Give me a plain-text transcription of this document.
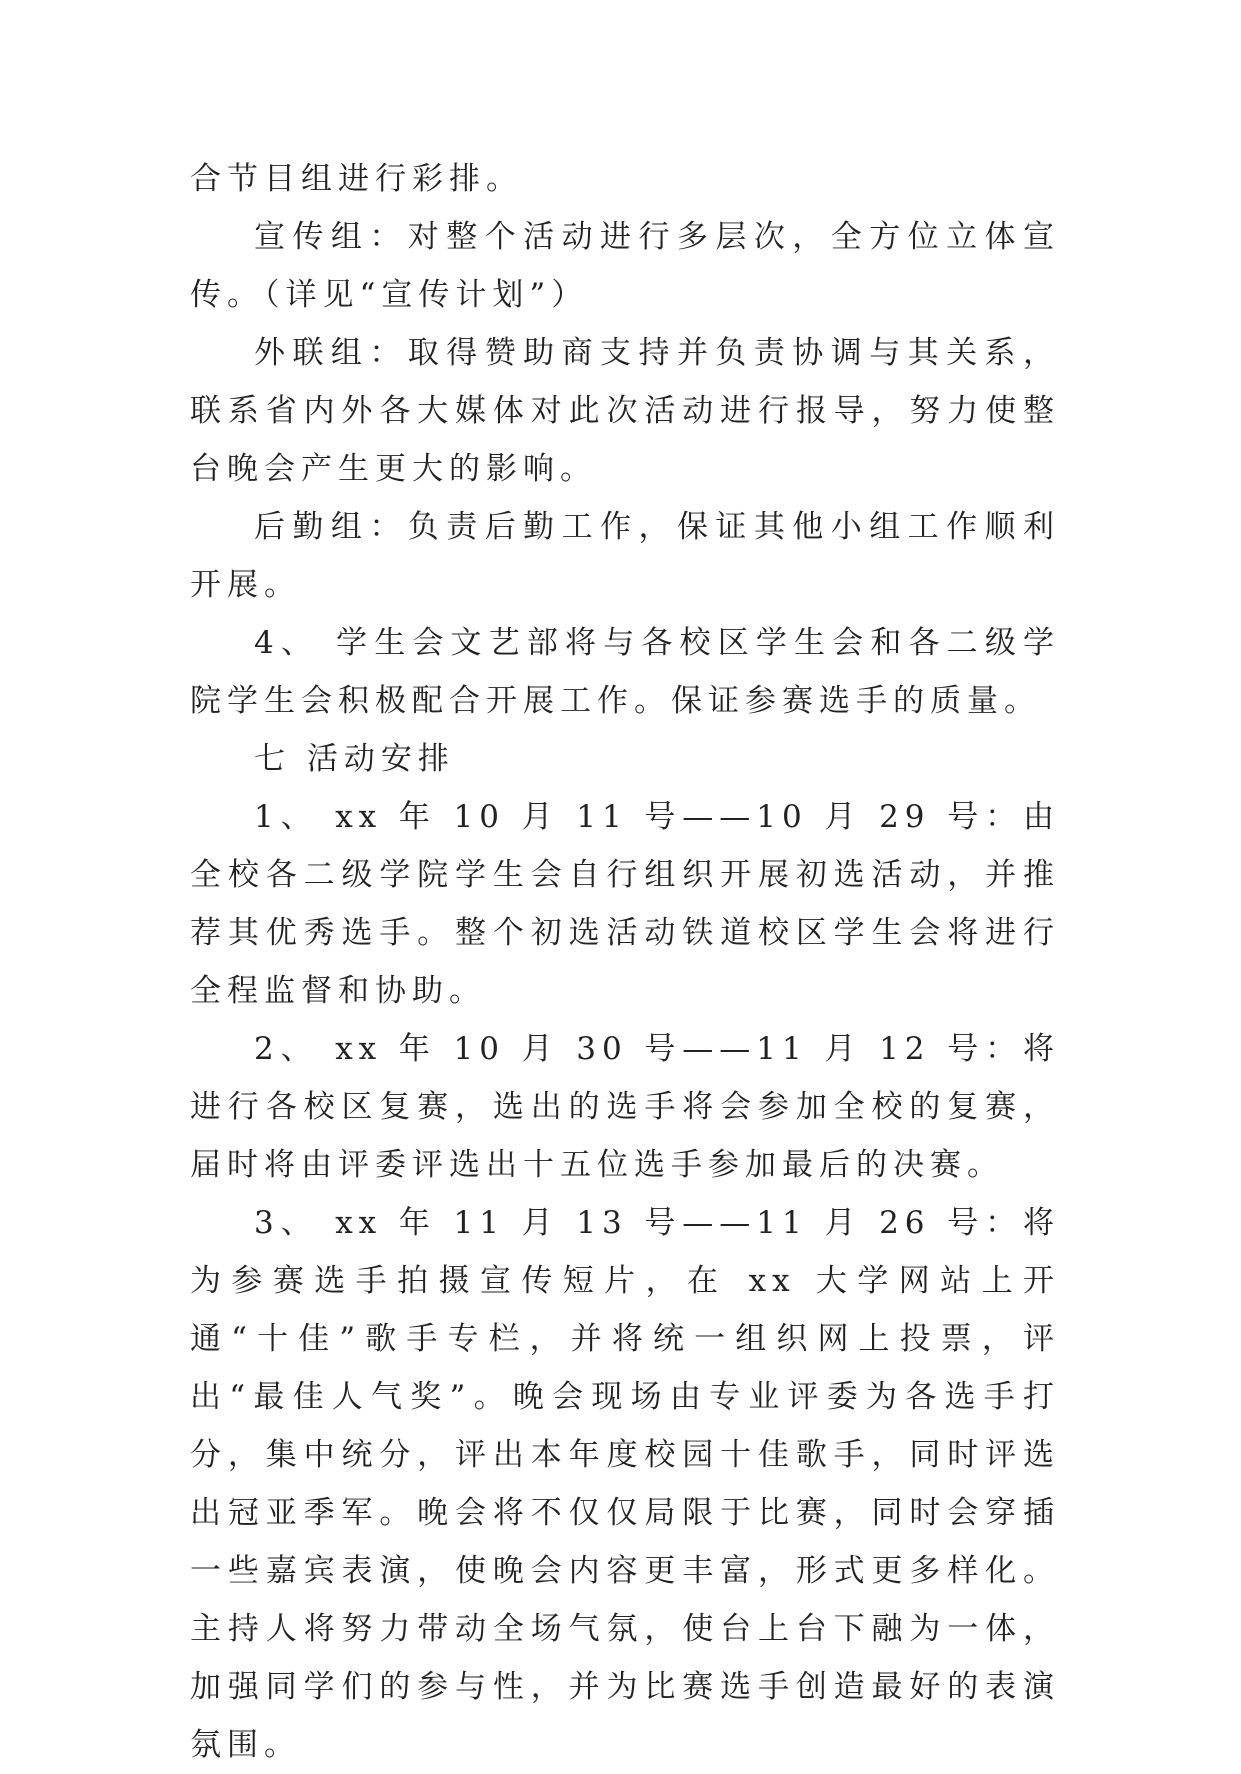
合节目组进行彩排。

宣传组：对整个活动进行多层次，全方位立体宣传。（详见“宣传计划”）

外联组：取得赞助商支持并负责协调与其关系，联系省内外各大媒体对此次活动进行报导，努力使整台晚会产生更大的影响。

后勤组：负责后勤工作，保证其他小组工作顺利开展。

4、 学生会文艺部将与各校区学生会和各二级学院学生会积极配合开展工作。保证参赛选手的质量。

七 活动安排

1、 xx 年 10 月 11 号——10 月 29 号：由全校各二级学院学生会自行组织开展初选活动，并推荐其优秀选手。整个初选活动铁道校区学生会将进行全程监督和协助。

2、 xx 年 10 月 30 号——11 月 12 号：将进行各校区复赛，选出的选手将会参加全校的复赛，届时将由评委评选出十五位选手参加最后的决赛。

3、 xx 年 11 月 13 号——11 月 26 号：将为参赛选手拍摄宣传短片，在 xx 大学网站上开通“十佳”歌手专栏，并将统一组织网上投票，评出“最佳人气奖”。晚会现场由专业评委为各选手打分，集中统分，评出本年度校园十佳歌手，同时评选出冠亚季军。晚会将不仅仅局限于比赛，同时会穿插一些嘉宾表演，使晚会内容更丰富，形式更多样化。主持人将努力带动全场气氛，使台上台下融为一体，加强同学们的参与性，并为比赛选手创造最好的表演氛围。
